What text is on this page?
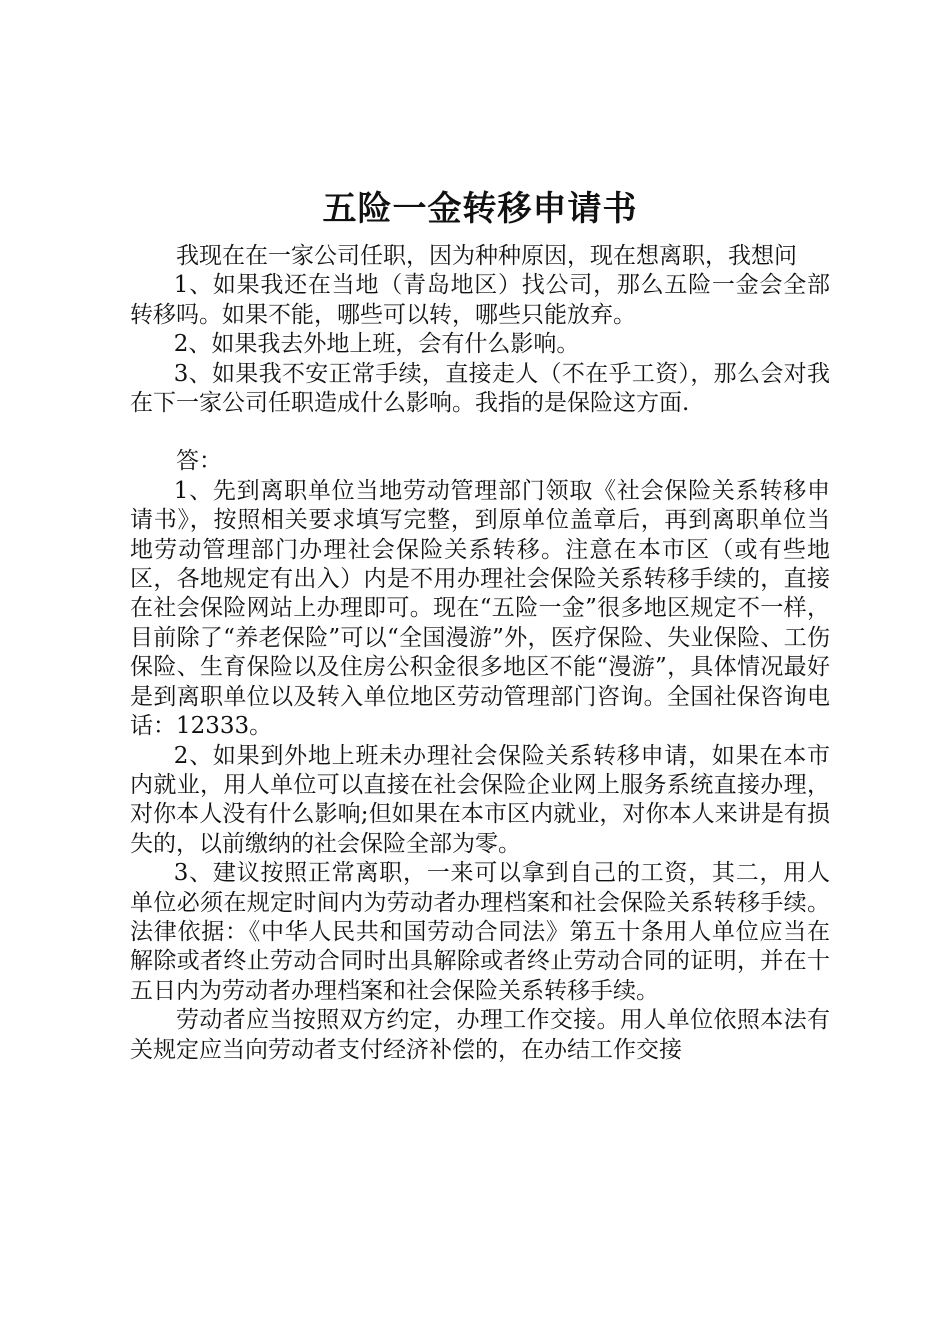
五险一金转移申请书

我现在在一家公司任职，因为种种原因，现在想离职，我想问

1、如果我还在当地（青岛地区）找公司，那么五险一金会全部转移吗。如果不能，哪些可以转，哪些只能放弃。

2、如果我去外地上班，会有什么影响。

3、如果我不安正常手续，直接走人（不在乎工资），那么会对我在下一家公司任职造成什么影响。我指的是保险这方面.

答：

1、先到离职单位当地劳动管理部门领取《社会保险关系转移申请书》，按照相关要求填写完整，到原单位盖章后，再到离职单位当地劳动管理部门办理社会保险关系转移。注意在本市区（或有些地区，各地规定有出入）内是不用办理社会保险关系转移手续的，直接在社会保险网站上办理即可。现在“五险一金”很多地区规定不一样，目前除了“养老保险”可以“全国漫游”外，医疗保险、失业保险、工伤保险、生育保险以及住房公积金很多地区不能“漫游”，具体情况最好是到离职单位以及转入单位地区劳动管理部门咨询。全国社保咨询电话：12333。

2、如果到外地上班未办理社会保险关系转移申请，如果在本市内就业，用人单位可以直接在社会保险企业网上服务系统直接办理，对你本人没有什么影响;但如果在本市区内就业，对你本人来讲是有损失的，以前缴纳的社会保险全部为零。

3、建议按照正常离职，一来可以拿到自己的工资，其二，用人单位必须在规定时间内为劳动者办理档案和社会保险关系转移手续。法律依据：《中华人民共和国劳动合同法》第五十条用人单位应当在解除或者终止劳动合同时出具解除或者终止劳动合同的证明，并在十五日内为劳动者办理档案和社会保险关系转移手续。

劳动者应当按照双方约定，办理工作交接。用人单位依照本法有关规定应当向劳动者支付经济补偿的，在办结工作交接
